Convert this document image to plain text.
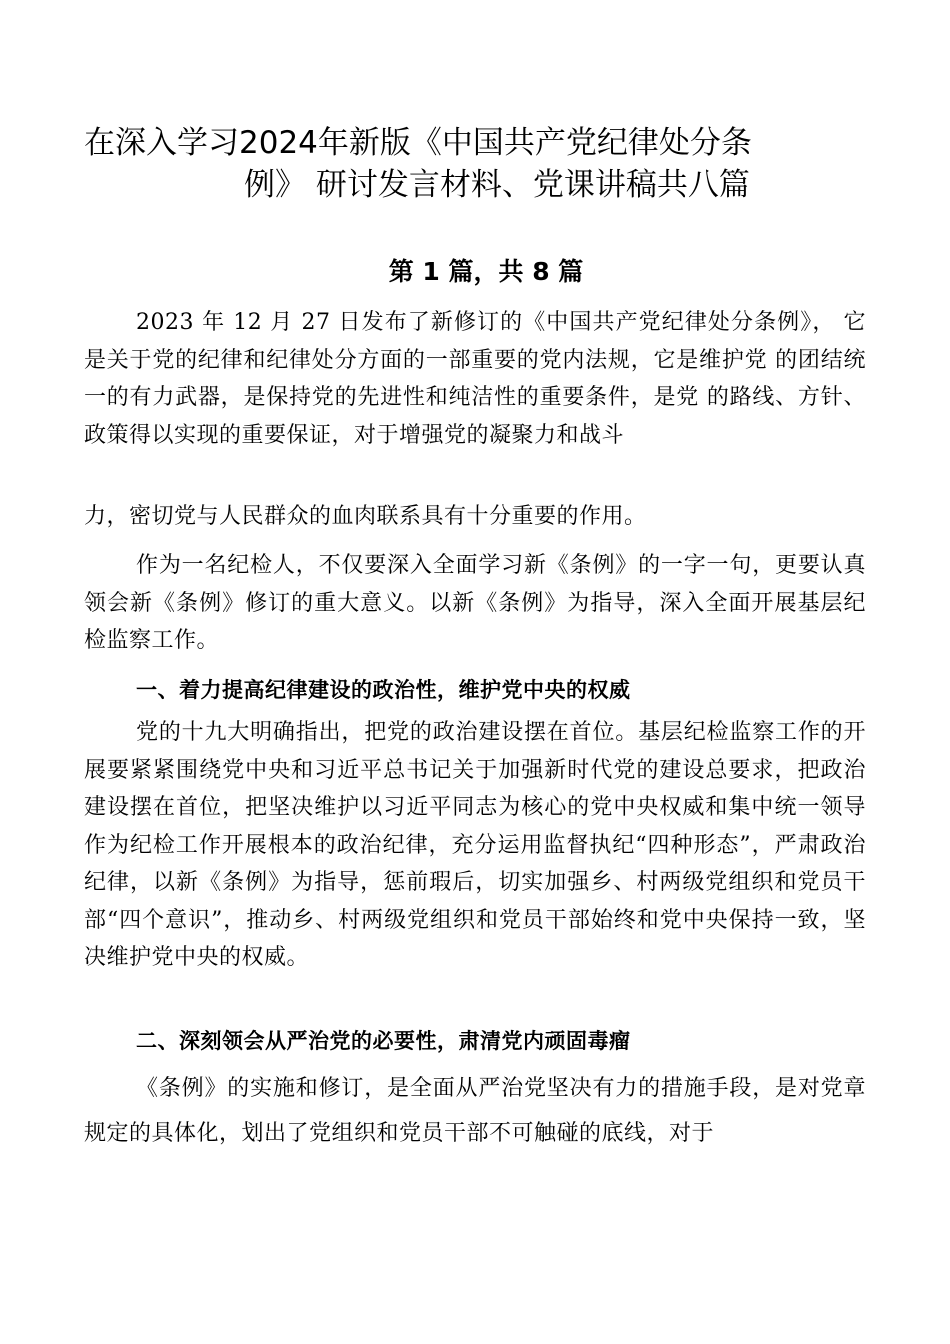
在深入学习2024年新版《中国共产党纪律处分条
例》 研讨发言材料、党课讲稿共八篇
第 1 篇，共 8 篇

2023 年 12 月 27 日发布了新修订的《中国共产党纪律处分条例》， 它是关于党的纪律和纪律处分方面的一部重要的党内法规，它是维护党 的团结统一的有力武器，是保持党的先进性和纯洁性的重要条件，是党 的路线、方针、政策得以实现的重要保证，对于增强党的凝聚力和战斗

力，密切党与人民群众的血肉联系具有十分重要的作用。

作为一名纪检人，不仅要深入全面学习新《条例》的一字一句，更要认真领会新《条例》修订的重大意义。以新《条例》为指导，深入全面开展基层纪检监察工作。

一、着力提高纪律建设的政治性，维护党中央的权威

党的十九大明确指出，把党的政治建设摆在首位。基层纪检监察工作的开展要紧紧围绕党中央和习近平总书记关于加强新时代党的建设总要求，把政治建设摆在首位，把坚决维护以习近平同志为核心的党中央权威和集中统一领导作为纪检工作开展根本的政治纪律，充分运用监督执纪“四种形态”，严肃政治纪律，以新《条例》为指导，惩前瑕后，切实加强乡、村两级党组织和党员干部“四个意识”，推动乡、村两级党组织和党员干部始终和党中央保持一致，坚决维护党中央的权威。

二、深刻领会从严治党的必要性，肃清党内顽固毒瘤

《条例》的实施和修订，是全面从严治党坚决有力的措施手段，是对党章规定的具体化，划出了党组织和党员干部不可触碰的底线，对于
